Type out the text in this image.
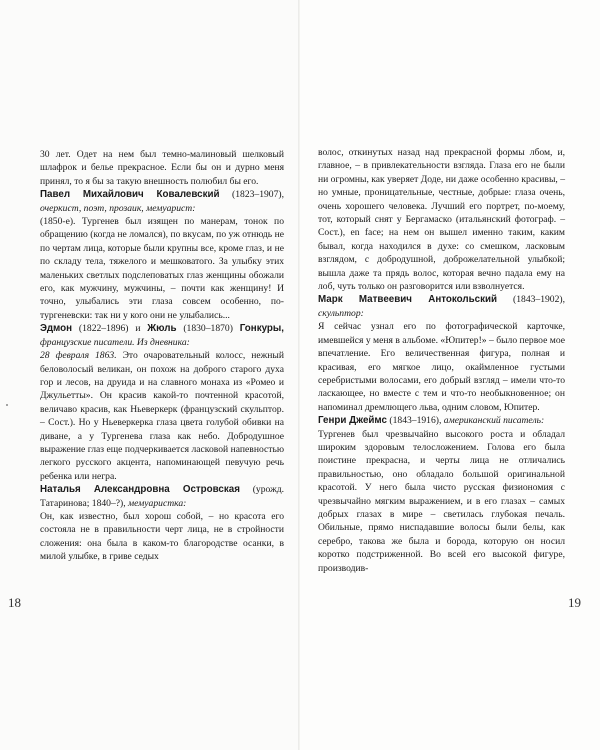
30 лет. Одет на нем был темно-малиновый шелковый шлафрок и белье прекрасное. Если бы он и дурно меня принял, то я бы за такую внешность полюбил бы его.

Павел Михайлович Ковалевский (1823–1907), очеркист, поэт, прозаик, мемуарист:
(1850-е). Тургенев был изящен по манерам, тонок по обращению (когда не ломался), по вкусам, по уж отнюдь не по чертам лица, которые были крупны все, кроме глаз, и не по складу тела, тяжелого и мешковатого. За улыбку этих маленьких светлых подслеповатых глаз женщины обожали его, как мужчину, мужчины, – почти как женщину! И точно, улыбались эти глаза совсем особенно, по-тургеневски: так ни у кого они не улыбались...

Эдмон (1822–1896) и Жюль (1830–1870) Гонкуры, французские писатели. Из дневника:
28 февраля 1863. Это очаровательный колосс, нежный беловолосый великан, он похож на доброго старого духа гор и лесов, на друида и на славного монаха из «Ромео и Джульетты». Он красив какой-то почтенной красотой, величаво красив, как Ньеверкерк (французский скульптор. – Сост.). Но у Ньеверкерка глаза цвета голубой обивки на диване, а у Тургенева глаза как небо. Добродушное выражение глаз еще подчеркивается ласковой напевностью легкого русского акцента, напоминающей певучую речь ребенка или негра.

Наталья Александровна Островская (урожд. Татаринова; 1840–?), мемуаристка:
Он, как известно, был хорош собой, – но красота его состояла не в правильности черт лица, не в стройности сложения: она была в каком-то благородстве осанки, в милой улыбке, в гриве седых

18

волос, откинутых назад над прекрасной формы лбом, и, главное, – в привлекательности взгляда. Глаза его не были ни огромны, как уверяет Доде, ни даже особенно красивы, – но умные, проницательные, честные, добрые: глаза очень, очень хорошего человека. Лучший его портрет, по-моему, тот, который снят у Бергамаско (итальянский фотограф. – Сост.), en face; на нем он вышел именно таким, каким бывал, когда находился в духе: со смешком, ласковым взглядом, с добродушной, доброжелательной улыбкой; вышла даже та прядь волос, которая вечно падала ему на лоб, чуть только он разговорится или взволнуется.

Марк Матвеевич Антокольский (1843–1902), скульптор:
Я сейчас узнал его по фотографической карточке, имевшейся у меня в альбоме. «Юпитер!» – было первое мое впечатление. Его величественная фигура, полная и красивая, его мягкое лицо, окаймленное густыми серебристыми волосами, его добрый взгляд – имели что-то ласкающее, но вместе с тем и что-то необыкновенное; он напоминал дремлющего льва, одним словом, Юпитер.

Генри Джеймс (1843–1916), американский писатель:
Тургенев был чрезвычайно высокого роста и обладал широким здоровым телосложением. Голова его была поистине прекрасна, и черты лица не отличались правильностью, оно обладало большой оригинальной красотой. У него была чисто русская физиономия с чрезвычайно мягким выражением, и в его глазах – самых добрых глазах в мире – светилась глубокая печаль. Обильные, прямо ниспадавшие волосы были белы, как серебро, такова же была и борода, которую он носил коротко подстриженной. Во всей его высокой фигуре, производив-

19
